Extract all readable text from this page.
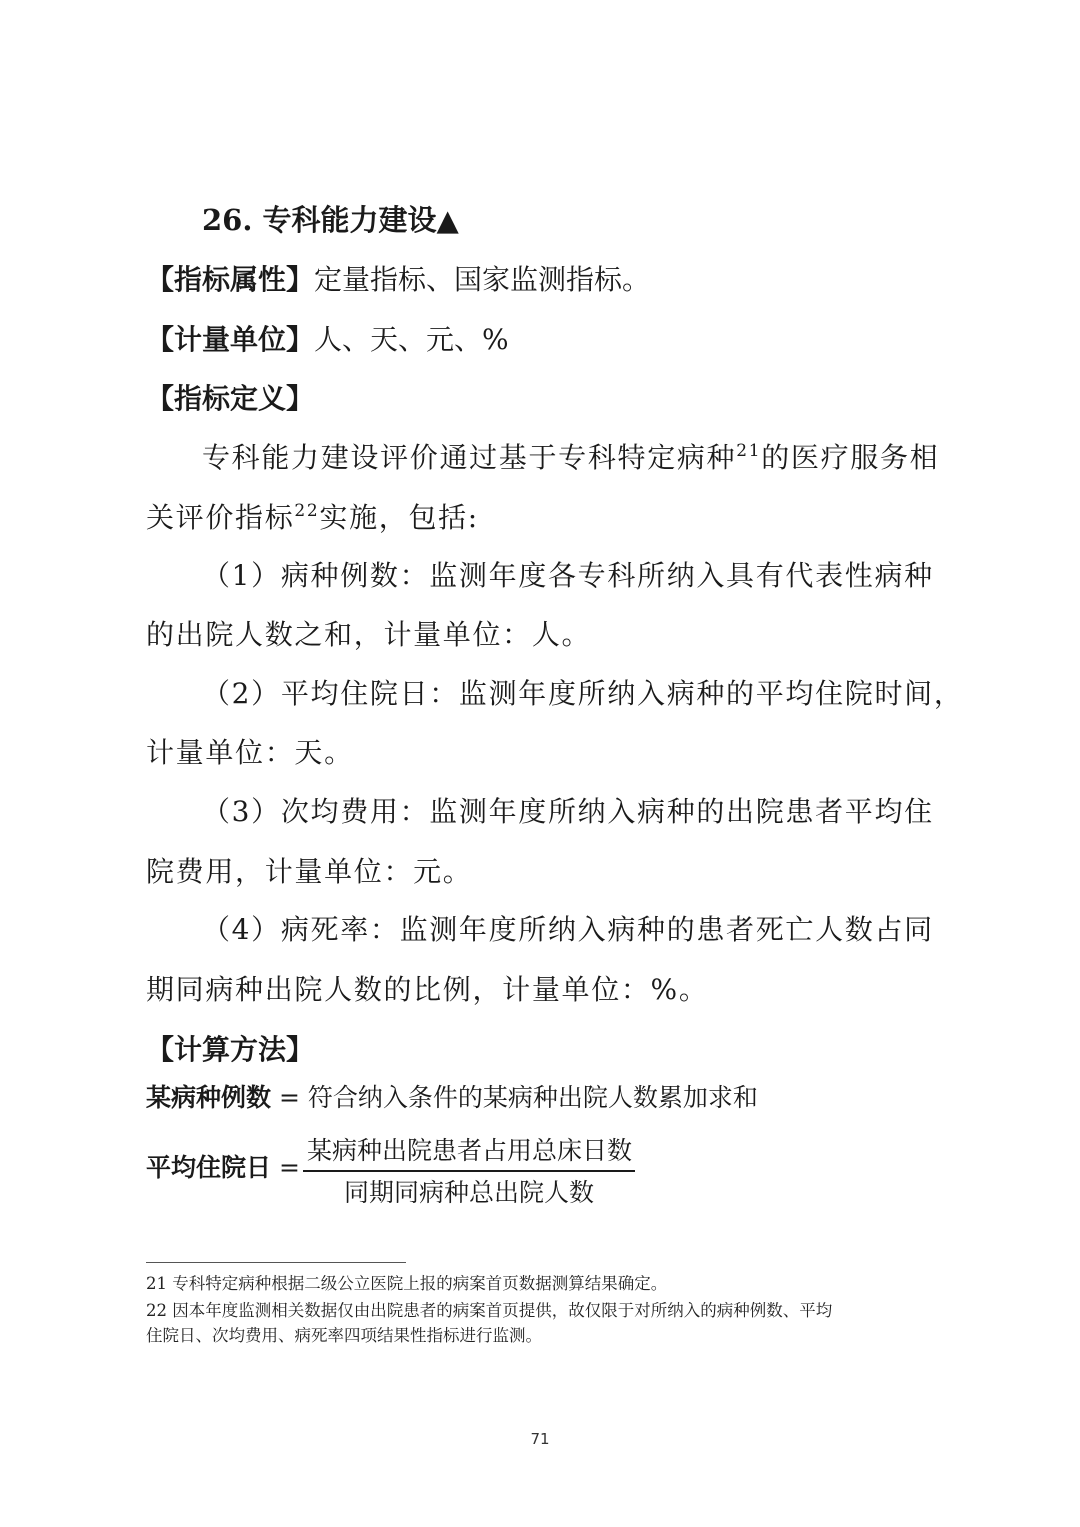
26. 专科能力建设▲
【指标属性】定量指标、国家监测指标。
【计量单位】人、天、元、%
【指标定义】
专科能力建设评价通过基于专科特定病种$^{21}$的医疗服务相
关评价指标$^{22}$实施，包括:
（1）病种例数：监测年度各专科所纳入具有代表性病种
的出院人数之和，计量单位：人。
（2）平均住院日：监测年度所纳入病种的平均住院时间，
计量单位：天。
（3）次均费用：监测年度所纳入病种的出院患者平均住
院费用，计量单位：元。
（4）病死率：监测年度所纳入病种的患者死亡人数占同
期同病种出院人数的比例，计量单位：%。
【计算方法】
某病种例数 = 符合纳入条件的某病种出院人数累加求和
平均住院日 =
某病种出院患者占用总床日数
同期同病种总出院人数
21 专科特定病种根据二级公立医院上报的病案首页数据测算结果确定。
22 因本年度监测相关数据仅由出院患者的病案首页提供，故仅限于对所纳入的病种例数、平均
住院日、次均费用、病死率四项结果性指标进行监测。
71
